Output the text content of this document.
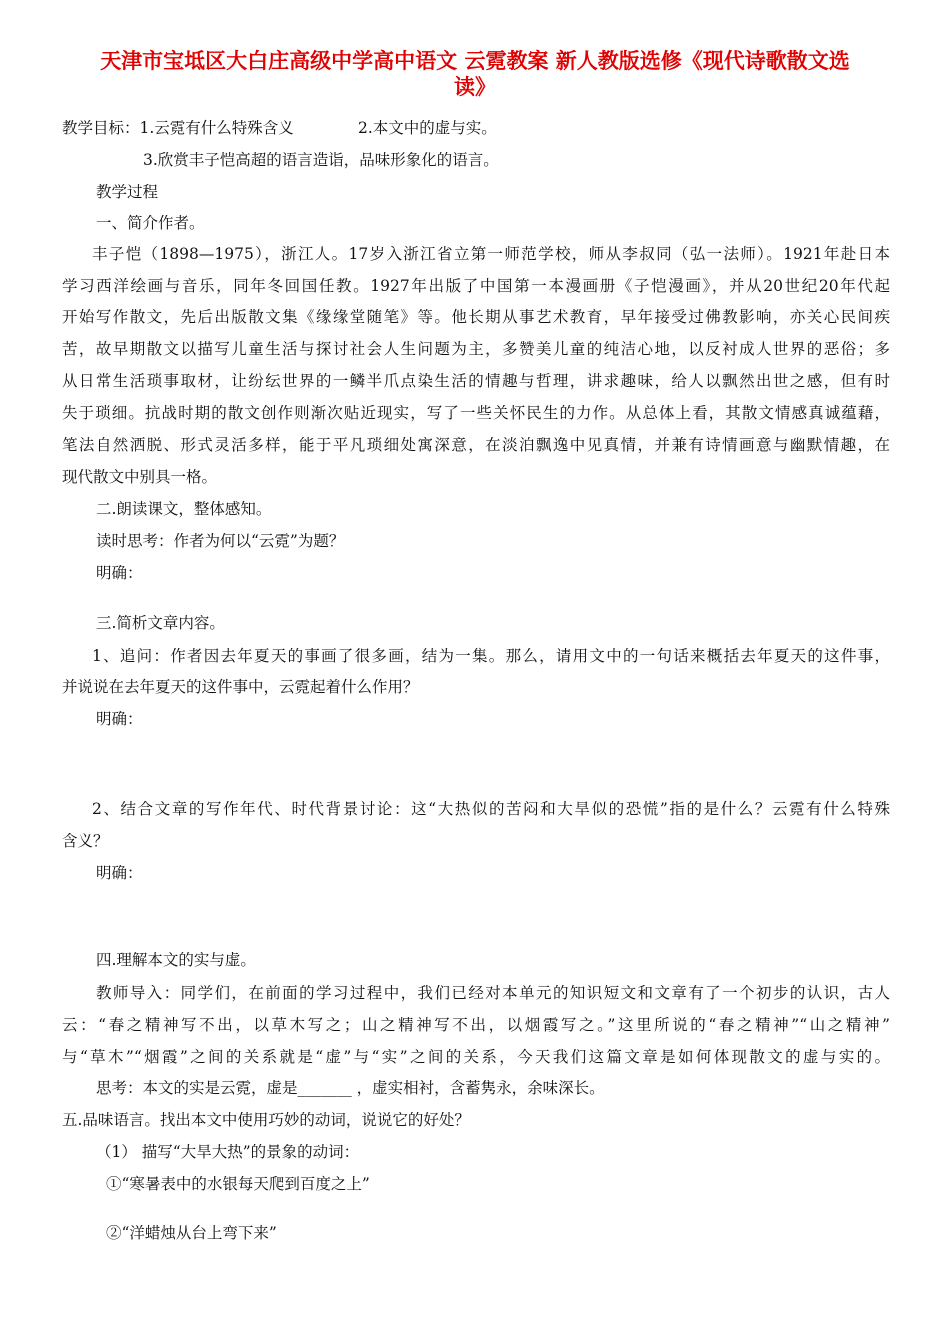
天津市宝坻区大白庄高级中学高中语文 云霓教案 新人教版选修《现代诗歌散文选
读》
教学目标：1.云霓有什么特殊含义	2.本文中的虚与实。
3.欣赏丰子恺高超的语言造诣，品味形象化的语言。
教学过程
一、简介作者。
丰子恺（1898—1975），浙江人。17岁入浙江省立第一师范学校，师从李叔同（弘一法师）。1921年赴日本
学习西洋绘画与音乐，同年冬回国任教。1927年出版了中国第一本漫画册《子恺漫画》，并从20世纪20年代起
开始写作散文，先后出版散文集《缘缘堂随笔》等。他长期从事艺术教育，早年接受过佛教影响，亦关心民间疾
苦，故早期散文以描写儿童生活与探讨社会人生问题为主，多赞美儿童的纯洁心地，以反衬成人世界的恶俗；多
从日常生活琐事取材，让纷纭世界的一鳞半爪点染生活的情趣与哲理，讲求趣味，给人以飘然出世之感，但有时
失于琐细。抗战时期的散文创作则渐次贴近现实，写了一些关怀民生的力作。从总体上看，其散文情感真诚蕴藉，
笔法自然洒脱、形式灵活多样，能于平凡琐细处寓深意，在淡泊飘逸中见真情，并兼有诗情画意与幽默情趣，在
现代散文中别具一格。
二.朗读课文，整体感知。
读时思考：作者为何以“云霓”为题？
明确：
三.简析文章内容。
1、追问：作者因去年夏天的事画了很多画，结为一集。那么，请用文中的一句话来概括去年夏天的这件事，
并说说在去年夏天的这件事中，云霓起着什么作用？
明确：
2、结合文章的写作年代、时代背景讨论：这“大热似的苦闷和大旱似的恐慌”指的是什么？云霓有什么特殊
含义？
明确：
四.理解本文的实与虚。
教师导入：同学们，在前面的学习过程中，我们已经对本单元的知识短文和文章有了一个初步的认识，古人
云：“春之精神写不出，以草木写之；山之精神写不出，以烟霞写之。”这里所说的“春之精神”“山之精神”
与“草木”“烟霞”之间的关系就是“虚”与“实”之间的关系，今天我们这篇文章是如何体现散文的虚与实的。
思考：本文的实是云霓，虚是_______ ，虚实相衬，含蓄隽永，余味深长。
五.品味语言。找出本文中使用巧妙的动词，说说它的好处？
（1） 描写“大旱大热”的景象的动词：
①“寒暑表中的水银每天爬到百度之上”
②“洋蜡烛从台上弯下来”
